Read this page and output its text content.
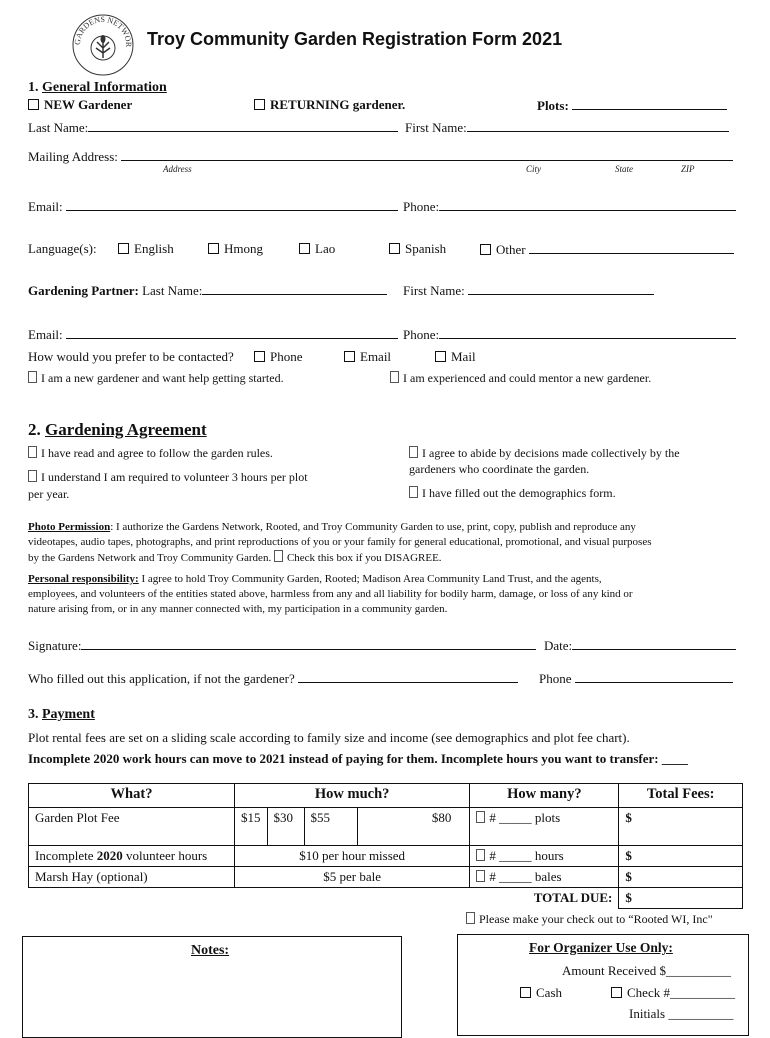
GARDENS NETWOR Troy Community Garden Registration Form 2021
1. General Information
NEW Gardener	RETURNING gardener.	Plots:
Last Name:	First Name:
Mailing Address:
Address	City	State	ZIP
Email:	Phone:
Language(s):	English	Hmong	Lao	Spanish	Other
Gardening Partner: Last Name:	First Name:
Email:	Phone:
How would you prefer to be contacted?	Phone	Email	Mail
I am a new gardener and want help getting started.	I am experienced and could mentor a new gardener.
2. Gardening Agreement
I have read and agree to follow the garden rules.
I understand I am required to volunteer 3 hours per plot
per year.
I agree to abide by decisions made collectively by the
gardeners who coordinate the garden.
I have filled out the demographics form.
Photo Permission: I authorize the Gardens Network, Rooted, and Troy Community Garden to use, print, copy, publish and reproduce any
videotapes, audio tapes, photographs, and print reproductions of you or your family for general educational, promotional, and visual purposes
by the Gardens Network and Troy Community Garden. Check this box if you DISAGREE.
Personal responsibility: I agree to hold Troy Community Garden, Rooted; Madison Area Community Land Trust, and the agents,
employees, and volunteers of the entities stated above, harmless from any and all liability for bodily harm, damage, or loss of any kind or
nature arising from, or in any manner connected with, my participation in a community garden.
Signature:	Date:
Who filled out this application, if not the gardener?	Phone
3. Payment
Plot rental fees are set on a sliding scale according to family size and income (see demographics and plot fee chart).
Incomplete 2020 work hours can move to 2021 instead of paying for them. Incomplete hours you want to transfer: ____
What?	How much?				How many?	Total Fees:
Garden Plot Fee	$15	$30	$55	$80	# _____ plots	$
Incomplete 2020 volunteer hours	$10 per hour missed				# _____ hours	$
Marsh Hay (optional)	$5 per bale				# _____ bales	$
TOTAL DUE:						$
Please make your check out to “Rooted WI, Inc"
Notes:	For Organizer Use Only:
Amount Received $__________
Cash	Check #__________
Initials __________
